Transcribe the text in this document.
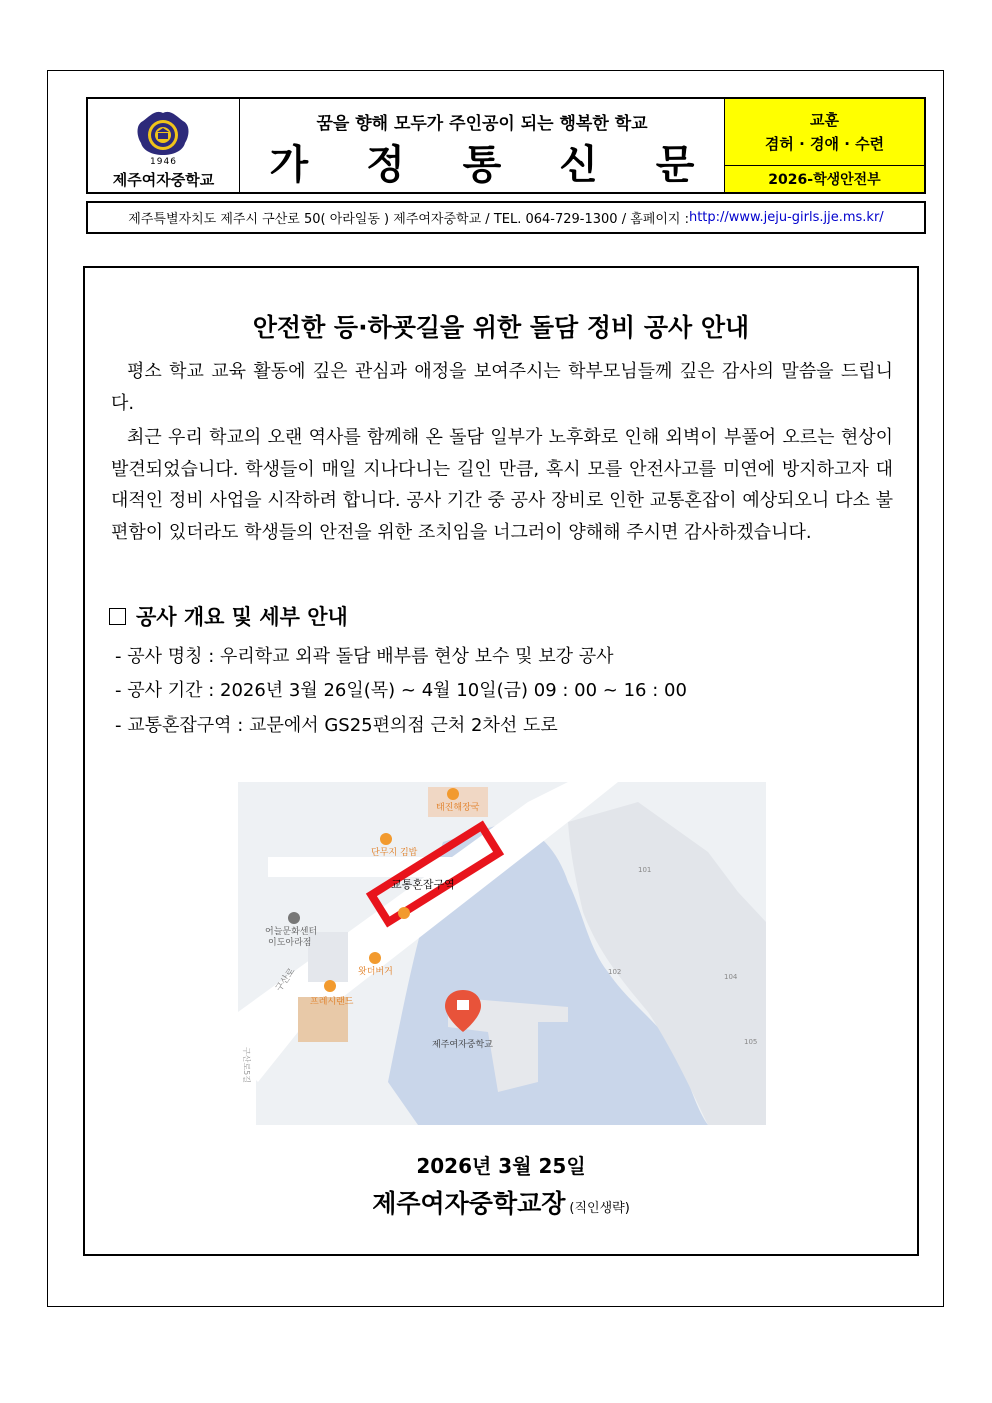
1946
제주여자중학교
꿈을 향해 모두가 주인공이 되는 행복한 학교
가 정 통 신 문
교훈
겸허 · 경애 · 수련
2026-학생안전부
제주특별자치도 제주시 구산로 50( 아라일동 ) 제주여자중학교 / TEL. 064-729-1300 / 홈페이지 : http://www.jeju-girls.jje.ms.kr/
안전한 등·하굣길을 위한 돌담 정비 공사 안내

평소 학교 교육 활동에 깊은 관심과 애정을 보여주시는 학부모님들께 깊은 감사의 말씀을 드립니다.

최근 우리 학교의 오랜 역사를 함께해 온 돌담 일부가 노후화로 인해 외벽이 부풀어 오르는 현상이 발견되었습니다. 학생들이 매일 지나다니는 길인 만큼, 혹시 모를 안전사고를 미연에 방지하고자 대대적인 정비 사업을 시작하려 합니다. 공사 기간 중 공사 장비로 인한 교통혼잡이 예상되오니 다소 불편함이 있더라도 학생들의 안전을 위한 조치임을 너그러이 양해해 주시면 감사하겠습니다.

공사 개요 및 세부 안내
- 공사 명칭 : 우리학교 외곽 돌담 배부름 현상 보수 및 보강 공사
- 공사 기간 : 2026년 3월 26일(목) ~ 4월 10일(금) 09 : 00 ~ 16 : 00
- 교통혼잡구역 : 교문에서 GS25편의점 근처 2차선 도로
태진해장국
단무지 김밥
어늘문화센터
이도아라점
왓더버거
프레시랜드
구산로
구산로5길
101
102
104
105
교통혼잡구역
제주여자중학교
2026년 3월 25일
제주여자중학교장 (직인생략)
